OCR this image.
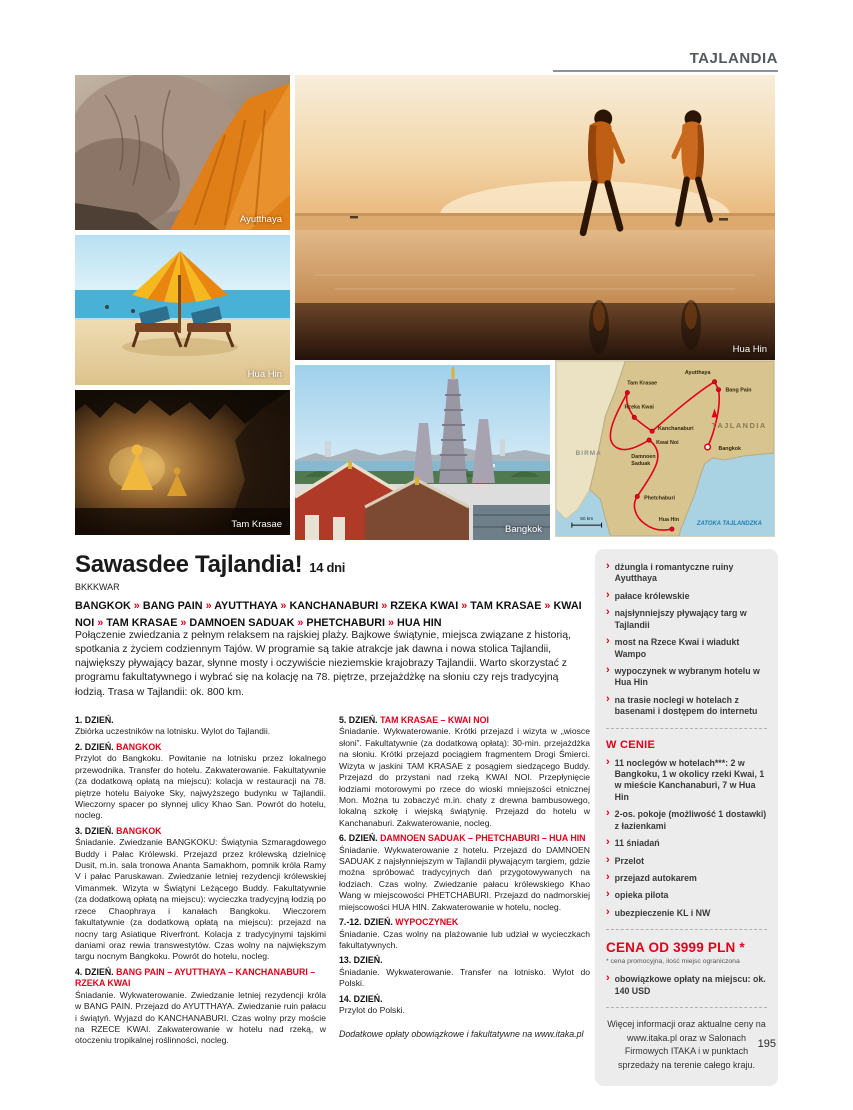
TAJLANDIA
Ayutthaya
Hua Hin
Tam Krasae
Hua Hin
Bangkok
TAJLANDIA
BIRMA
ZATOKA TAJLANDZKA
50 km
Tam Krasae
Rzeka Kwai
Kanchanaburi
Kwai Noi
Ayutthaya
Bang Pain
Bangkok
Damnoen Saduak
Phetchaburi
Hua Hin
Sawasdee Tajlandia! 14 dni
BKKKWAR
BANGKOK » BANG PAIN » AYUTTHAYA » KANCHANABURI » RZEKA KWAI » TAM KRASAE » KWAI NOI » TAM KRASAE » DAMNOEN SADUAK » PHETCHABURI » HUA HIN

Połączenie zwiedzania z pełnym relaksem na rajskiej plaży. Bajkowe świątynie, miejsca związane z historią, spotkania z życiem codziennym Tajów. W programie są takie atrakcje jak dawna i nowa stolica Tajlandii, największy pływający bazar, słynne mosty i oczywiście nieziemskie krajobrazy Tajlandii. Warto skorzystać z programu fakultatywnego i wybrać się na kolację na 78. piętrze, przejażdżkę na słoniu czy rejs tradycyjną łodzią. Trasa w Tajlandii: ok. 800 km.

1. DZIEŃ.

Zbiórka uczestników na lotnisku. Wylot do Tajlandii.

2. DZIEŃ. BANGKOK

Przylot do Bangkoku. Powitanie na lotnisku przez lokalnego przewodnika. Transfer do hotelu. Zakwaterowanie. Fakultatywnie (za dodatkową opłatą na miejscu): kolacja w restauracji na 78. piętrze hotelu Baiyoke Sky, najwyższego budynku w Tajlandii. Wieczorny spacer po słynnej ulicy Khao San. Powrót do hotelu, nocleg.

3. DZIEŃ. BANGKOK

Śniadanie. Zwiedzanie BANGKOKU: Świątynia Szmaragdowego Buddy i Pałac Królewski. Przejazd przez królewską dzielnicę Dusit, m.in. sala tronowa Ananta Samakhom, pomnik króla Ramy V i pałac Paruskawan. Zwiedzanie letniej rezydencji królewskiej Vimanmek. Wizyta w Świątyni Leżącego Buddy. Fakultatywnie (za dodatkową opłatą na miejscu): wycieczka tradycyjną łodzią po rzece Chaophraya i kanałach Bangkoku. Wieczorem fakultatywnie (za dodatkową opłatą na miejscu): przejazd na nocny targ Asiatique Riverfront. Kolacja z tradycyjnymi tajskimi daniami oraz rewia transwestytów. Czas wolny na największym targu nocnym Bangkoku. Powrót do hotelu, nocleg.

4. DZIEŃ. BANG PAIN – AYUTTHAYA – KANCHANABURI – RZEKA KWAI

Śniadanie. Wykwaterowanie. Zwiedzanie letniej rezydencji króla w BANG PAIN. Przejazd do AYUTTHAYA. Zwiedzanie ruin pałacu i świątyń. Wyjazd do KANCHANABURI. Czas wolny przy moście na RZECE KWAI. Zakwaterowanie w hotelu nad rzeką, w otoczeniu tropikalnej roślinności, nocleg.

5. DZIEŃ. TAM KRASAE – KWAI NOI

Śniadanie. Wykwaterowanie. Krótki przejazd i wizyta w „wiosce słoni”. Fakultatywnie (za dodatkową opłatą): 30-min. przejażdżka na słoniu. Krótki przejazd pociągiem fragmentem Drogi Śmierci. Wizyta w jaskini TAM KRASAE z posągiem siedzącego Buddy. Przejazd do przystani nad rzeką KWAI NOI. Przepłynięcie łodziami motorowymi po rzece do wioski mniejszości etnicznej Mon. Można tu zobaczyć m.in. chaty z drewna bambusowego, lokalną szkołę i wiejską świątynię. Przejazd do hotelu w Kanchanaburi. Zakwaterowanie, nocleg.

6. DZIEŃ. DAMNOEN SADUAK – PHETCHABURI – HUA HIN

Śniadanie. Wykwaterowanie z hotelu. Przejazd do DAMNOEN SADUAK z najsłynniejszym w Tajlandii pływającym targiem, gdzie można spróbować tradycyjnych dań przygotowywanych na łodziach. Czas wolny. Zwiedzanie pałacu królewskiego Khao Wang w miejscowości PHETCHABURI. Przejazd do nadmorskiej miejscowości HUA HIN. Zakwaterowanie w hotelu, nocleg.

7.-12. DZIEŃ. WYPOCZYNEK

Śniadanie. Czas wolny na plażowanie lub udział w wycieczkach fakultatywnych.

13. DZIEŃ.

Śniadanie. Wykwaterowanie. Transfer na lotnisko. Wylot do Polski.

14. DZIEŃ.

Przylot do Polski.

Dodatkowe opłaty obowiązkowe i fakultatywne na www.itaka.pl

› dżungla i romantyczne ruiny Ayutthaya
› pałace królewskie
› najsłynniejszy pływający targ w Tajlandii
› most na Rzece Kwai i wiadukt Wampo
› wypoczynek w wybranym hotelu w Hua Hin
› na trasie noclegi w hotelach z basenami i dostępem do internetu
W CENIE
› 11 noclegów w hotelach***: 2 w Bangkoku, 1 w okolicy rzeki Kwai, 1 w mieście Kanchanaburi, 7 w Hua Hin
› 2-os. pokoje (możliwość 1 dostawki) z łazienkami
› 11 śniadań
› Przelot
› przejazd autokarem
› opieka pilota
› ubezpieczenie KL i NW
CENA OD 3999 PLN *
* cena promocyjna, ilość miejsc ograniczona
› obowiązkowe opłaty na miejscu: ok. 140 USD

Więcej informacji oraz aktualne ceny na www.itaka.pl oraz w Salonach Firmowych ITAKA i w punktach sprzedaży na terenie całego kraju.

195
